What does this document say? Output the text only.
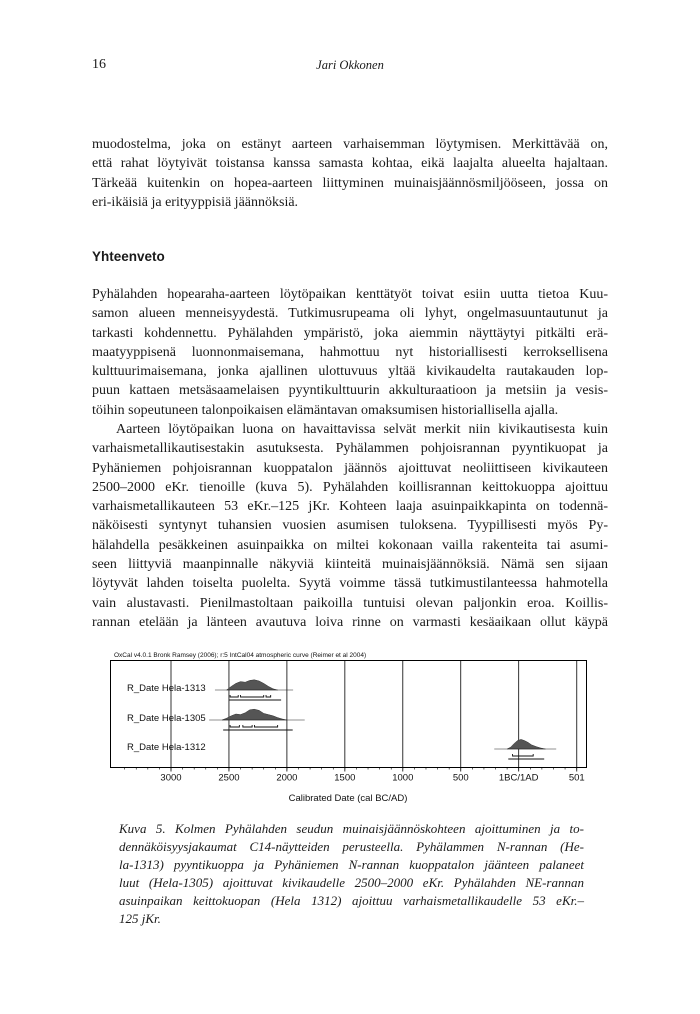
16	Jari Okkonen
muodostelma, joka on estänyt aarteen varhaisemman löytymisen. Merkittävää on,
että rahat löytyivät toistansa kanssa samasta kohtaa, eikä laajalta alueelta hajaltaan.
Tärkeää kuitenkin on hopea-aarteen liittyminen muinaisjäännösmiljööseen, jossa on
eri-ikäisiä ja erityyppisiä jäännöksiä.
Yhteenveto
Pyhälahden hopearaha-aarteen löytöpaikan kenttätyöt toivat esiin uutta tietoa Kuu-
samon alueen menneisyydestä. Tutkimusrupeama oli lyhyt, ongelmasuuntautunut ja
tarkasti kohdennettu. Pyhälahden ympäristö, joka aiemmin näyttäytyi pitkälti erä-
maatyyppisenä luonnonmaisemana, hahmottuu nyt historiallisesti kerroksellisena
kulttuurimaisemana, jonka ajallinen ulottuvuus yltää kivikaudelta rautakauden lop-
puun kattaen metsäsaamelaisen pyyntikulttuurin akkulturaatioon ja metsiin ja vesis-
töihin sopeutuneen talonpoikaisen elämäntavan omaksumisen historiallisella ajalla.
Aarteen löytöpaikan luona on havaittavissa selvät merkit niin kivikautisesta kuin
varhaismetallikautisestakin asutuksesta. Pyhälammen pohjoisrannan pyyntikuopat ja
Pyhäniemen pohjoisrannan kuoppatalon jäännös ajoittuvat neoliittiseen kivikauteen
2500–2000 eKr. tienoille (kuva 5). Pyhälahden koillisrannan keittokuoppa ajoittuu
varhaismetallikauteen 53 eKr.–125 jKr. Kohteen laaja asuinpaikkapinta on todennä-
näköisesti syntynyt tuhansien vuosien asumisen tuloksena. Tyypillisesti myös Py-
hälahdella pesäkkeinen asuinpaikka on miltei kokonaan vailla rakenteita tai asumi-
seen liittyviä maanpinnalle näkyviä kiinteitä muinaisjäännöksiä. Nämä sen sijaan
löytyvät lahden toiselta puolelta. Syytä voimme tässä tutkimustilanteessa hahmotella
vain alustavasti. Pienilmastoltaan paikoilla tuntuisi olevan paljonkin eroa. Koillis-
rannan etelään ja länteen avautuva loiva rinne on varmasti kesäaikaan ollut käypä
OxCal v4.0.1 Bronk Ramsey (2006); r:5 IntCal04 atmospheric curve (Reimer et al 2004)
R_Date Hela-1313
R_Date Hela-1305
R_Date Hela-1312
3000	2500	2000	1500	1000	500	1BC/1AD	501
Calibrated Date (cal BC/AD)
Kuva 5. Kolmen Pyhälahden seudun muinaisjäännöskohteen ajoittuminen ja to-
dennäköisyysjakaumat C14-näytteiden perusteella. Pyhälammen N-rannan (He-
la-1313) pyyntikuoppa ja Pyhäniemen N-rannan kuoppatalon jäänteen palaneet
luut (Hela-1305) ajoittuvat kivikaudelle 2500–2000 eKr. Pyhälahden NE-rannan
asuinpaikan keittokuopan (Hela 1312) ajoittuu varhaismetallikaudelle 53 eKr.–
125 jKr.
